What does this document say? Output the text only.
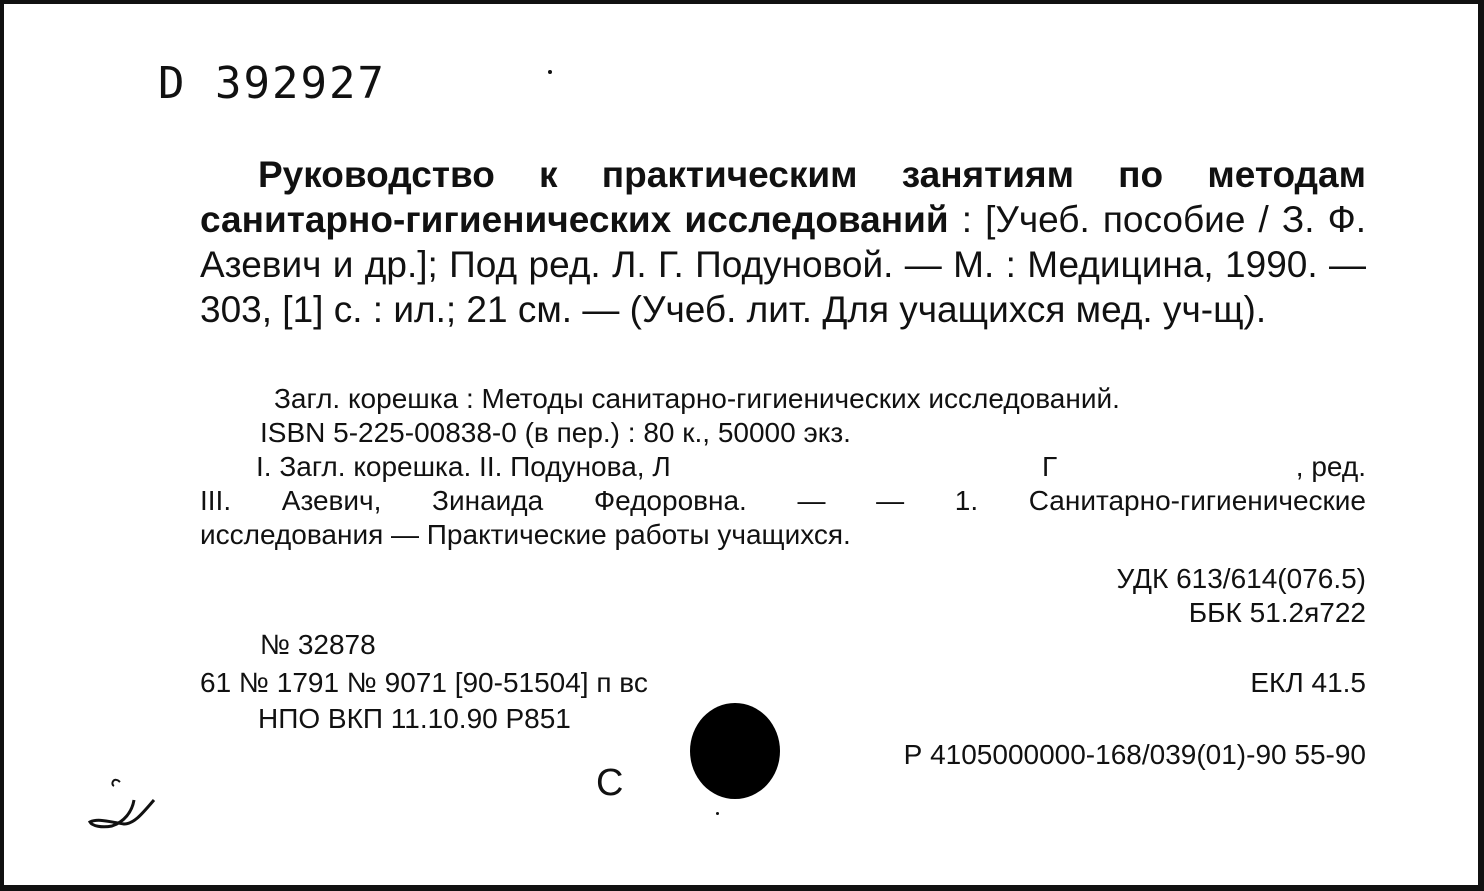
D 392927
Руководство к практическим занятиям по методам санитарно-гигиенических исследований : [Учеб. пособие / З. Ф. Азевич и др.]; Под ред. Л. Г. Подуновой. — М. : Медицина, 1990. — 303, [1] с. : ил.; 21 см. — (Учеб. лит. Для учащихся мед. уч-щ).
Загл. корешка : Методы санитарно-гигиенических исследований.
ISBN 5-225-00838-0 (в пер.) : 80 к., 50000 экз.
I. Загл. корешка. II. Подунова, Л	Г	, ред.
III. Азевич, Зинаида Федоровна. — — 1. Санитарно-гигиенические
исследования — Практические работы учащихся.
УДК 613/614(076.5)
ББК 51.2я722
№ 32878
61 № 1791 № 9071 [90-51504] п вс	ЕКЛ 41.5
НПО ВКП 11.10.90 Р851
Р 4105000000-168/039(01)-90 55-90
С
